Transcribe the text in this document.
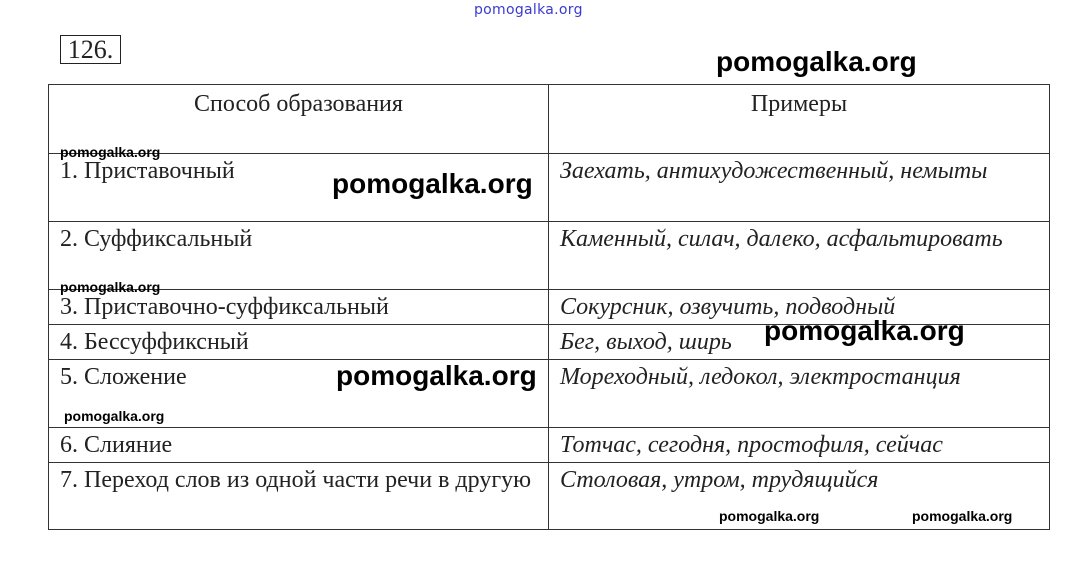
pomogalka.org
126.
Способ образования	Примеры
1. Приставочный	Заехать, антихудожественный, немыты
2. Суффиксальный	Каменный, силач, далеко, асфальтировать
3. Приставочно-суффиксальный	Сокурсник, озвучить, подводный
4. Бессуффиксный	Бег, выход, ширь
5. Сложение	Мореходный, ледокол, электростанция
6. Слияние	Тотчас, сегодня, простофиля, сейчас
7. Переход слов из одной части речи в другую	Столовая, утром, трудящийся
pomogalka.org
pomogalka.org
pomogalka.org
pomogalka.org
pomogalka.org
pomogalka.org
pomogalka.org
pomogalka.org	pomogalka.org
